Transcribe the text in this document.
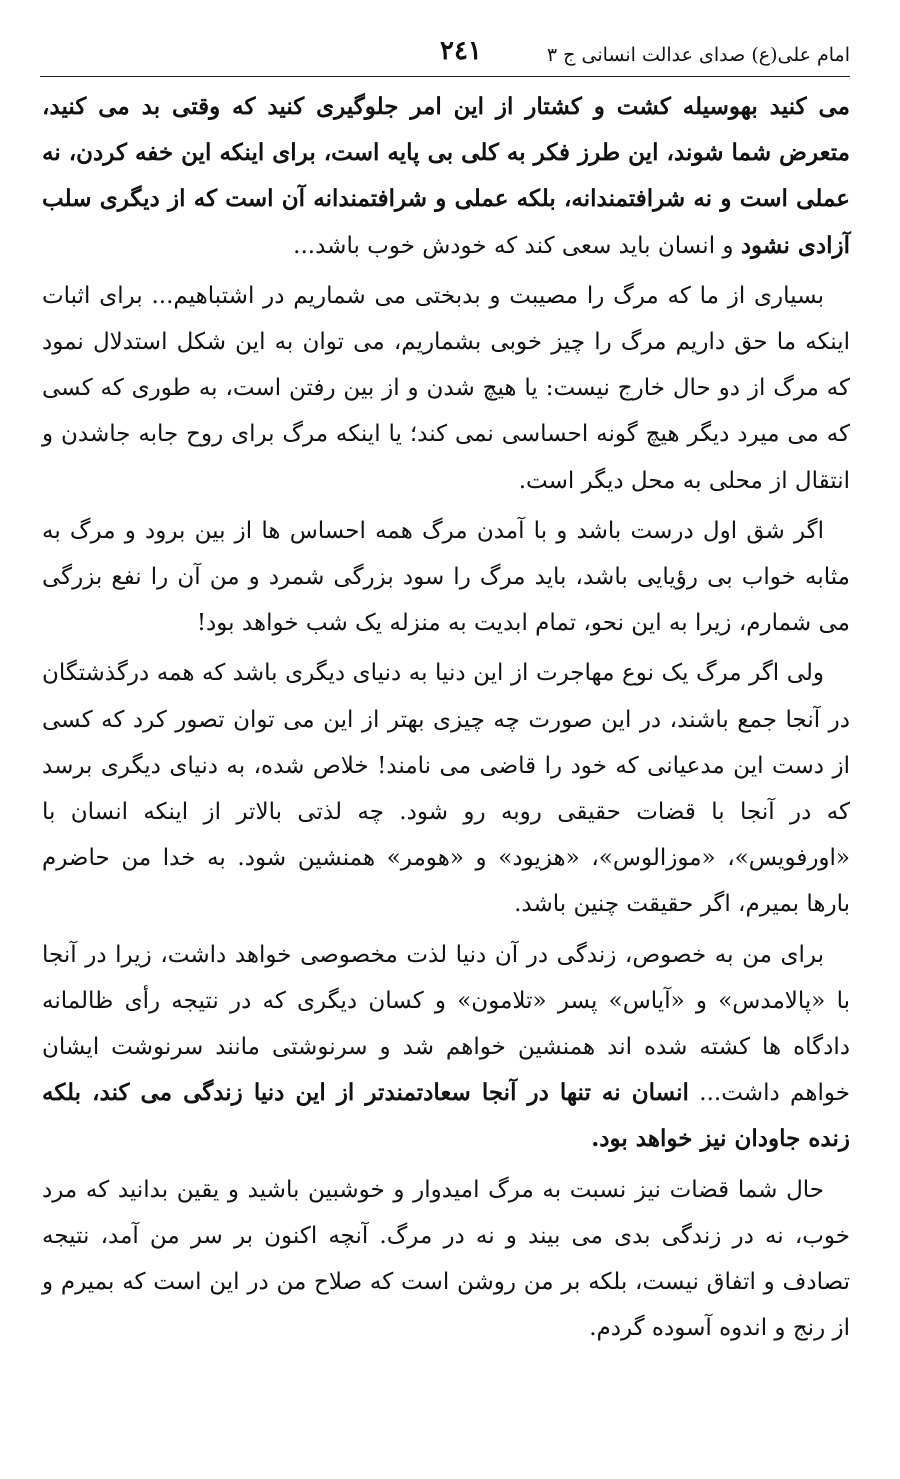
امام علی(ع) صدای عدالت انسانی ج ۳
۲٤۱

می کنید بهوسیله کشت و کشتار از این امر جلوگیری کنید که وقتی بد می کنید، متعرض شما شوند، این طرز فکر به کلی بی پایه است، برای اینکه این خفه کردن، نه عملی است و نه شرافتمندانه، بلکه عملی و شرافتمندانه آن است که از دیگری سلب آزادی نشود و انسان باید سعی کند که خودش خوب باشد...

بسیاری از ما که مرگ را مصیبت و بدبختی می شماریم در اشتباهیم... برای اثبات اینکه ما حق داریم مرگ را چیز خوبی بشماریم، می توان به این شکل استدلال نمود که مرگ از دو حال خارج نیست: یا هیچ شدن و از بین رفتن است، به طوری که کسی که می میرد دیگر هیچ گونه احساسی نمی کند؛ یا اینکه مرگ برای روح جابه جاشدن و انتقال از محلی به محل دیگر است.

اگر شق اول درست باشد و با آمدن مرگ همه احساس ها از بین برود و مرگ به مثابه خواب بی رؤیایی باشد، باید مرگ را سود بزرگی شمرد و من آن را نفع بزرگی می شمارم، زیرا به این نحو، تمام ابدیت به منزله یک شب خواهد بود!

ولی اگر مرگ یک نوع مهاجرت از این دنیا به دنیای دیگری باشد که همه درگذشتگان در آنجا جمع باشند، در این صورت چه چیزی بهتر از این می توان تصور کرد که کسی از دست این مدعیانی که خود را قاضی می نامند! خلاص شده، به دنیای دیگری برسد که در آنجا با قضات حقیقی روبه رو شود. چه لذتی بالاتر از اینکه انسان با «اورفویس»، «موزالوس»، «هزیود» و «هومر» همنشین شود. به خدا من حاضرم بارها بمیرم، اگر حقیقت چنین باشد.

برای من به خصوص، زندگی در آن دنیا لذت مخصوصی خواهد داشت، زیرا در آنجا با «پالامدس» و «آیاس» پسر «تلامون» و کسان دیگری که در نتیجه رأی ظالمانه دادگاه ها کشته شده اند همنشین خواهم شد و سرنوشتی مانند سرنوشت ایشان خواهم داشت... انسان نه تنها در آنجا سعادتمندتر از این دنیا زندگی می کند، بلکه زنده جاودان نیز خواهد بود.

حال شما قضات نیز نسبت به مرگ امیدوار و خوشبین باشید و یقین بدانید که مرد خوب، نه در زندگی بدی می بیند و نه در مرگ. آنچه اکنون بر سر من آمد، نتیجه تصادف و اتفاق نیست، بلکه بر من روشن است که صلاح من در این است که بمیرم و از رنج و اندوه آسوده گردم.
